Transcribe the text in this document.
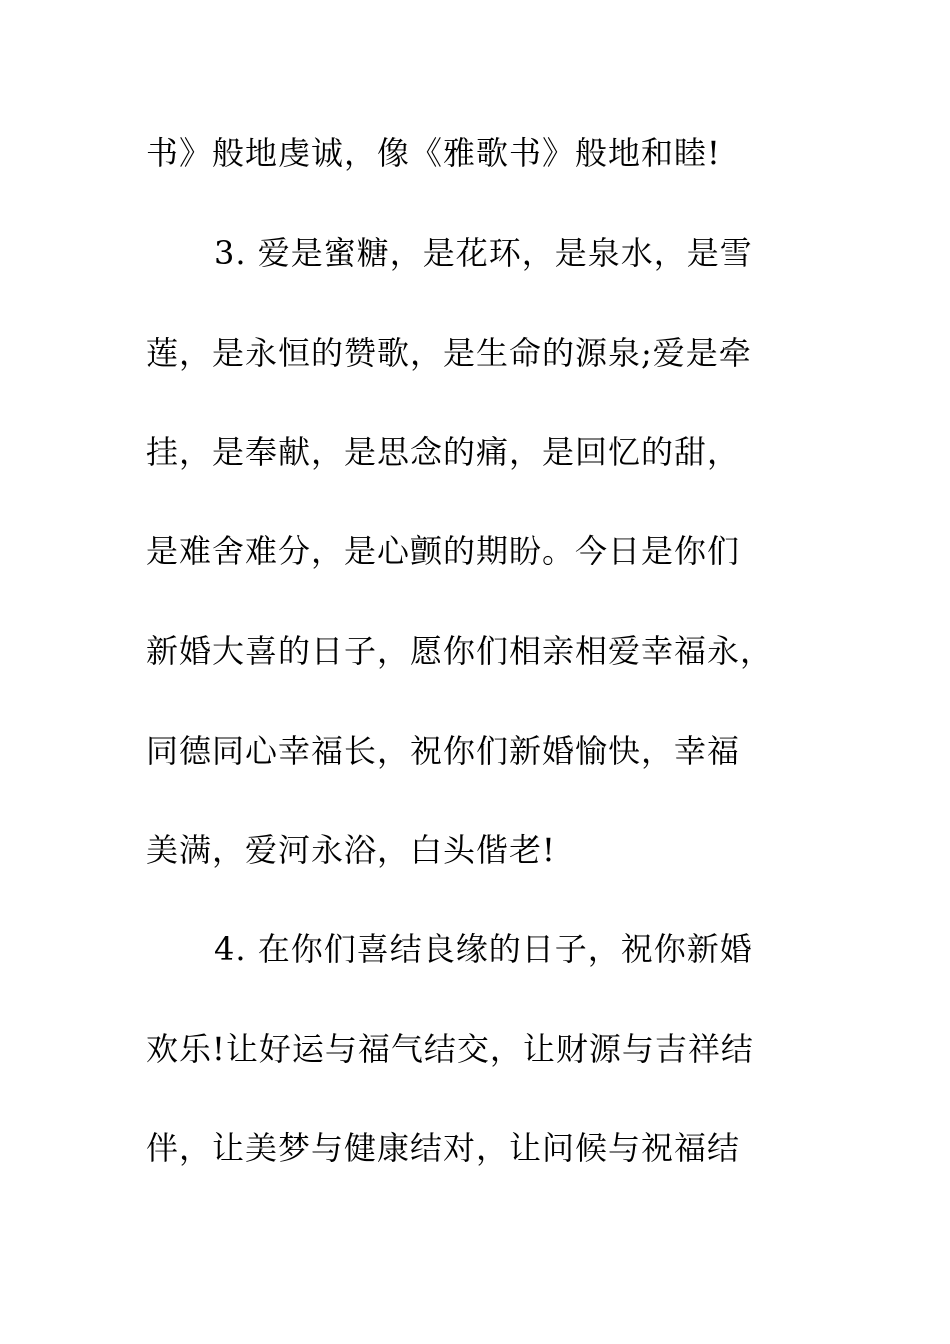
书》般地虔诚，像《雅歌书》般地和睦!
3. 爱是蜜糖，是花环，是泉水，是雪
莲，是永恒的赞歌，是生命的源泉;爱是牵
挂，是奉献，是思念的痛，是回忆的甜，
是难舍难分，是心颤的期盼。今日是你们
新婚大喜的日子，愿你们相亲相爱幸福永，
同德同心幸福长，祝你们新婚愉快，幸福
美满，爱河永浴，白头偕老!
4. 在你们喜结良缘的日子，祝你新婚
欢乐!让好运与福气结交，让财源与吉祥结
伴，让美梦与健康结对，让问候与祝福结
